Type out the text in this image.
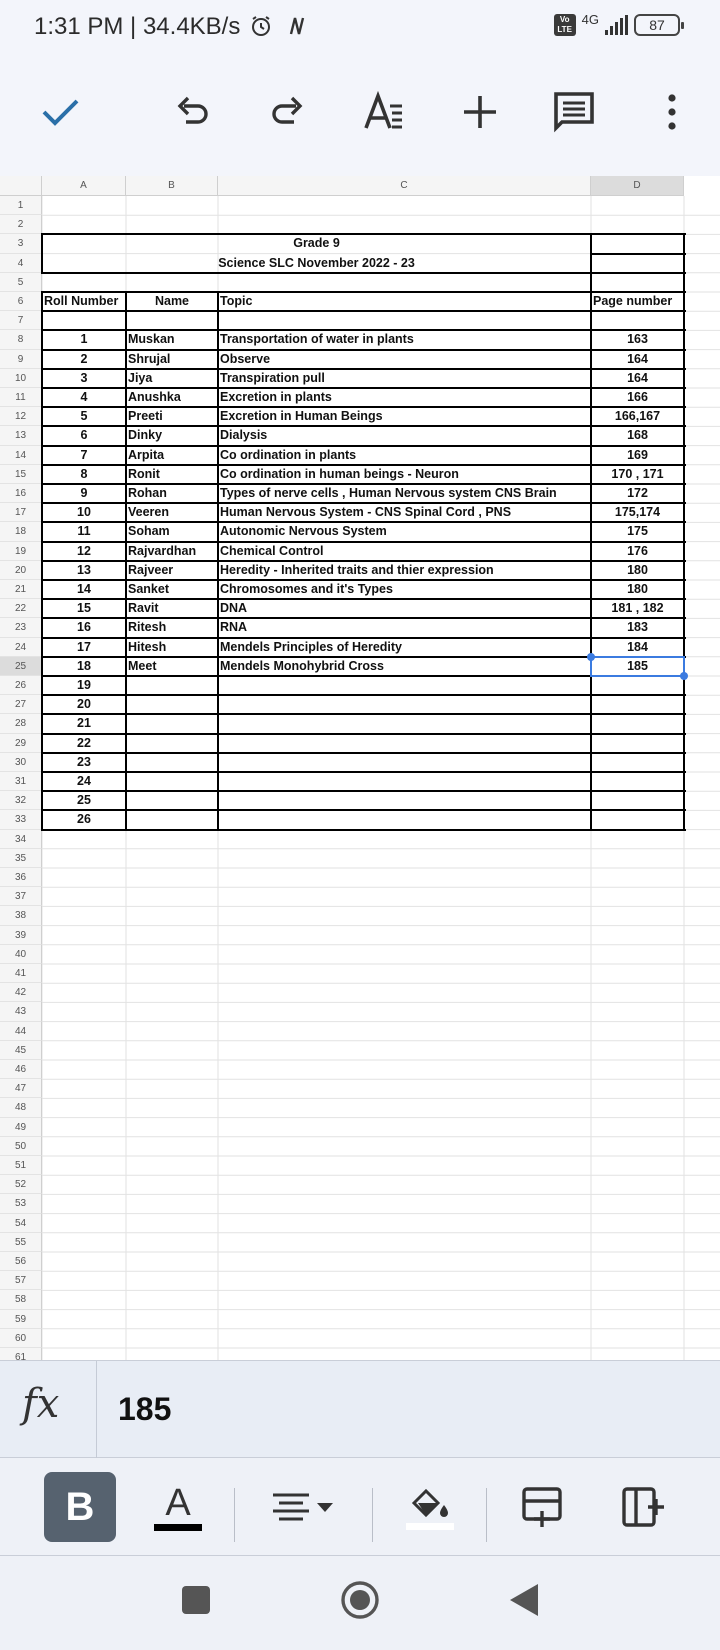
1:31 PM | 34.4KB/s	Vo LTE
4G	87
A	B	C	D
1
2
3
4
5
6
7
8
9
10
11
12
13
14
15
16
17
18
19
20
21
22
23
24
25
26
27
28
29
30
31
32
33
34
35
36
37
38
39
40
41
42
43
44
45
46
47
48
49
50
51
52
53
54
55
56
57
58
59
60
61
Grade 9
Science SLC November 2022 - 23
Roll Number	Name	Topic	Page number
1	Muskan	Transportation of water in plants	163
2	Shrujal	Observe	164
3	Jiya	Transpiration pull	164
4	Anushka	Excretion in plants	166
5	Preeti	Excretion in Human Beings	166,167
6	Dinky	Dialysis	168
7	Arpita	Co ordination in plants	169
8	Ronit	Co ordination in human beings - Neuron	170 , 171
9	Rohan	Types of nerve cells , Human Nervous system CNS Brain	172
10	Veeren	Human Nervous System - CNS Spinal Cord , PNS	175,174
11	Soham	Autonomic Nervous System	175
12	Rajvardhan	Chemical Control	176
13	Rajveer	Heredity - Inherited traits and thier expression	180
14	Sanket	Chromosomes and it's Types	180
15	Ravit	DNA	181 , 182
16	Ritesh	RNA	183
17	Hitesh	Mendels Principles of Heredity	184
18	Meet	Mendels Monohybrid Cross	185
19
20
21
22
23
24
25
26
fx	185
B A
